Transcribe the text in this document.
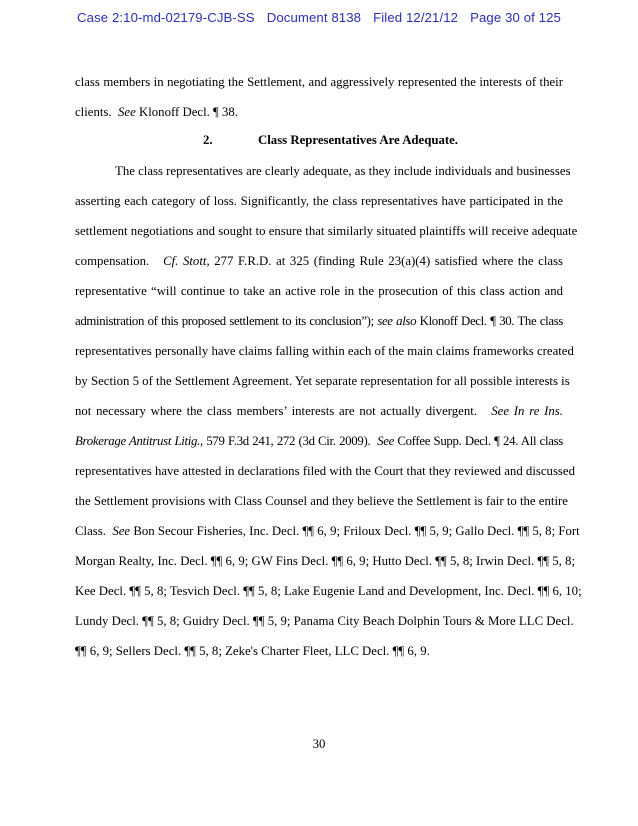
Case 2:10-md-02179-CJB-SS Document 8138 Filed 12/21/12 Page 30 of 125
class members in negotiating the Settlement, and aggressively represented the interests of their
clients. See Klonoff Decl. ¶ 38.
2.	Class Representatives Are Adequate.
The class representatives are clearly adequate, as they include individuals and businesses
asserting each category of loss. Significantly, the class representatives have participated in the
settlement negotiations and sought to ensure that similarly situated plaintiffs will receive adequate
compensation. Cf. Stott, 277 F.R.D. at 325 (finding Rule 23(a)(4) satisfied where the class
representative “will continue to take an active role in the prosecution of this class action and
administration of this proposed settlement to its conclusion”); see also Klonoff Decl. ¶ 30. The class
representatives personally have claims falling within each of the main claims frameworks created
by Section 5 of the Settlement Agreement. Yet separate representation for all possible interests is
not necessary where the class members’ interests are not actually divergent. See In re Ins.
Brokerage Antitrust Litig., 579 F.3d 241, 272 (3d Cir. 2009). See Coffee Supp. Decl. ¶ 24. All class
representatives have attested in declarations filed with the Court that they reviewed and discussed
the Settlement provisions with Class Counsel and they believe the Settlement is fair to the entire
Class. See Bon Secour Fisheries, Inc. Decl. ¶¶ 6, 9; Friloux Decl. ¶¶ 5, 9; Gallo Decl. ¶¶ 5, 8; Fort
Morgan Realty, Inc. Decl. ¶¶ 6, 9; GW Fins Decl. ¶¶ 6, 9; Hutto Decl. ¶¶ 5, 8; Irwin Decl. ¶¶ 5, 8;
Kee Decl. ¶¶ 5, 8; Tesvich Decl. ¶¶ 5, 8; Lake Eugenie Land and Development, Inc. Decl. ¶¶ 6, 10;
Lundy Decl. ¶¶ 5, 8; Guidry Decl. ¶¶ 5, 9; Panama City Beach Dolphin Tours & More LLC Decl.
¶¶ 6, 9; Sellers Decl. ¶¶ 5, 8; Zeke's Charter Fleet, LLC Decl. ¶¶ 6, 9.
30
